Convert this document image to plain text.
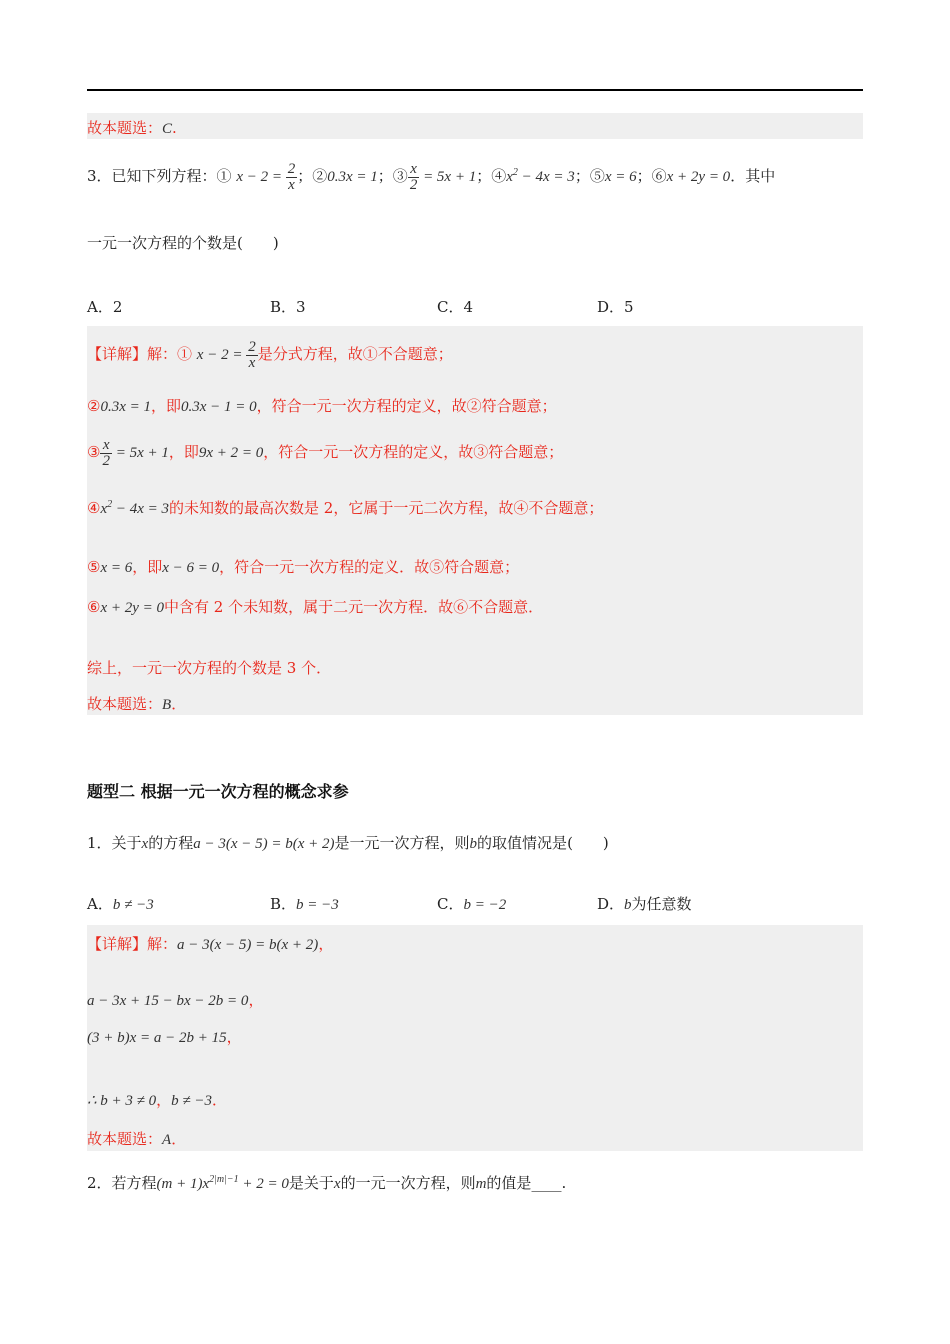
故本题选：C.
3．已知下列方程：① $x - 2 = \frac{2}{x}$ ；②0.3x = 1；③ $\frac{x}{2} = 5x + 1$；$④x^2 - 4x = 3$；⑤x = 6；⑥x + 2y = 0．其中
一元一次方程的个数是(　　)
A．2	B．3	C．4	D．5
【详解】解：① $x - 2 = \frac{2}{x}$ 是分式方程，故①不合题意；
②0.3x = 1，即0.3x − 1 = 0，符合一元一次方程的定义，故②符合题意；
③ $\frac{x}{2} = 5x + 1$，即9x + 2 = 0，符合一元一次方程的定义，故③符合题意；
$④x^2 - 4x = 3$的未知数的最高次数是 2，它属于一元二次方程，故④不合题意；
⑤x = 6，即x − 6 = 0，符合一元一次方程的定义．故⑤符合题意；
⑥x + 2y = 0中含有 2 个未知数，属于二元一次方程．故⑥不合题意．
综上，一元一次方程的个数是 3 个．
故本题选：B．
题型二 根据一元一次方程的概念求参
1．关于x的方程a − 3(x − 5) = b(x + 2)是一元一次方程，则b的取值情况是(　　)
A．b ≠ −3	B．b = −3	C．b = −2	D．b为任意数
【详解】解：a − 3(x − 5) = b(x + 2)，
a − 3x + 15 − bx − 2b = 0，
(3 + b)x = a − 2b + 15，
∴ b + 3 ≠ 0，b ≠ −3．
故本题选：A．
2．若方程$(m + 1)x^{2|m|-1} + 2 = 0$是关于x的一元一次方程，则m的值是____.
